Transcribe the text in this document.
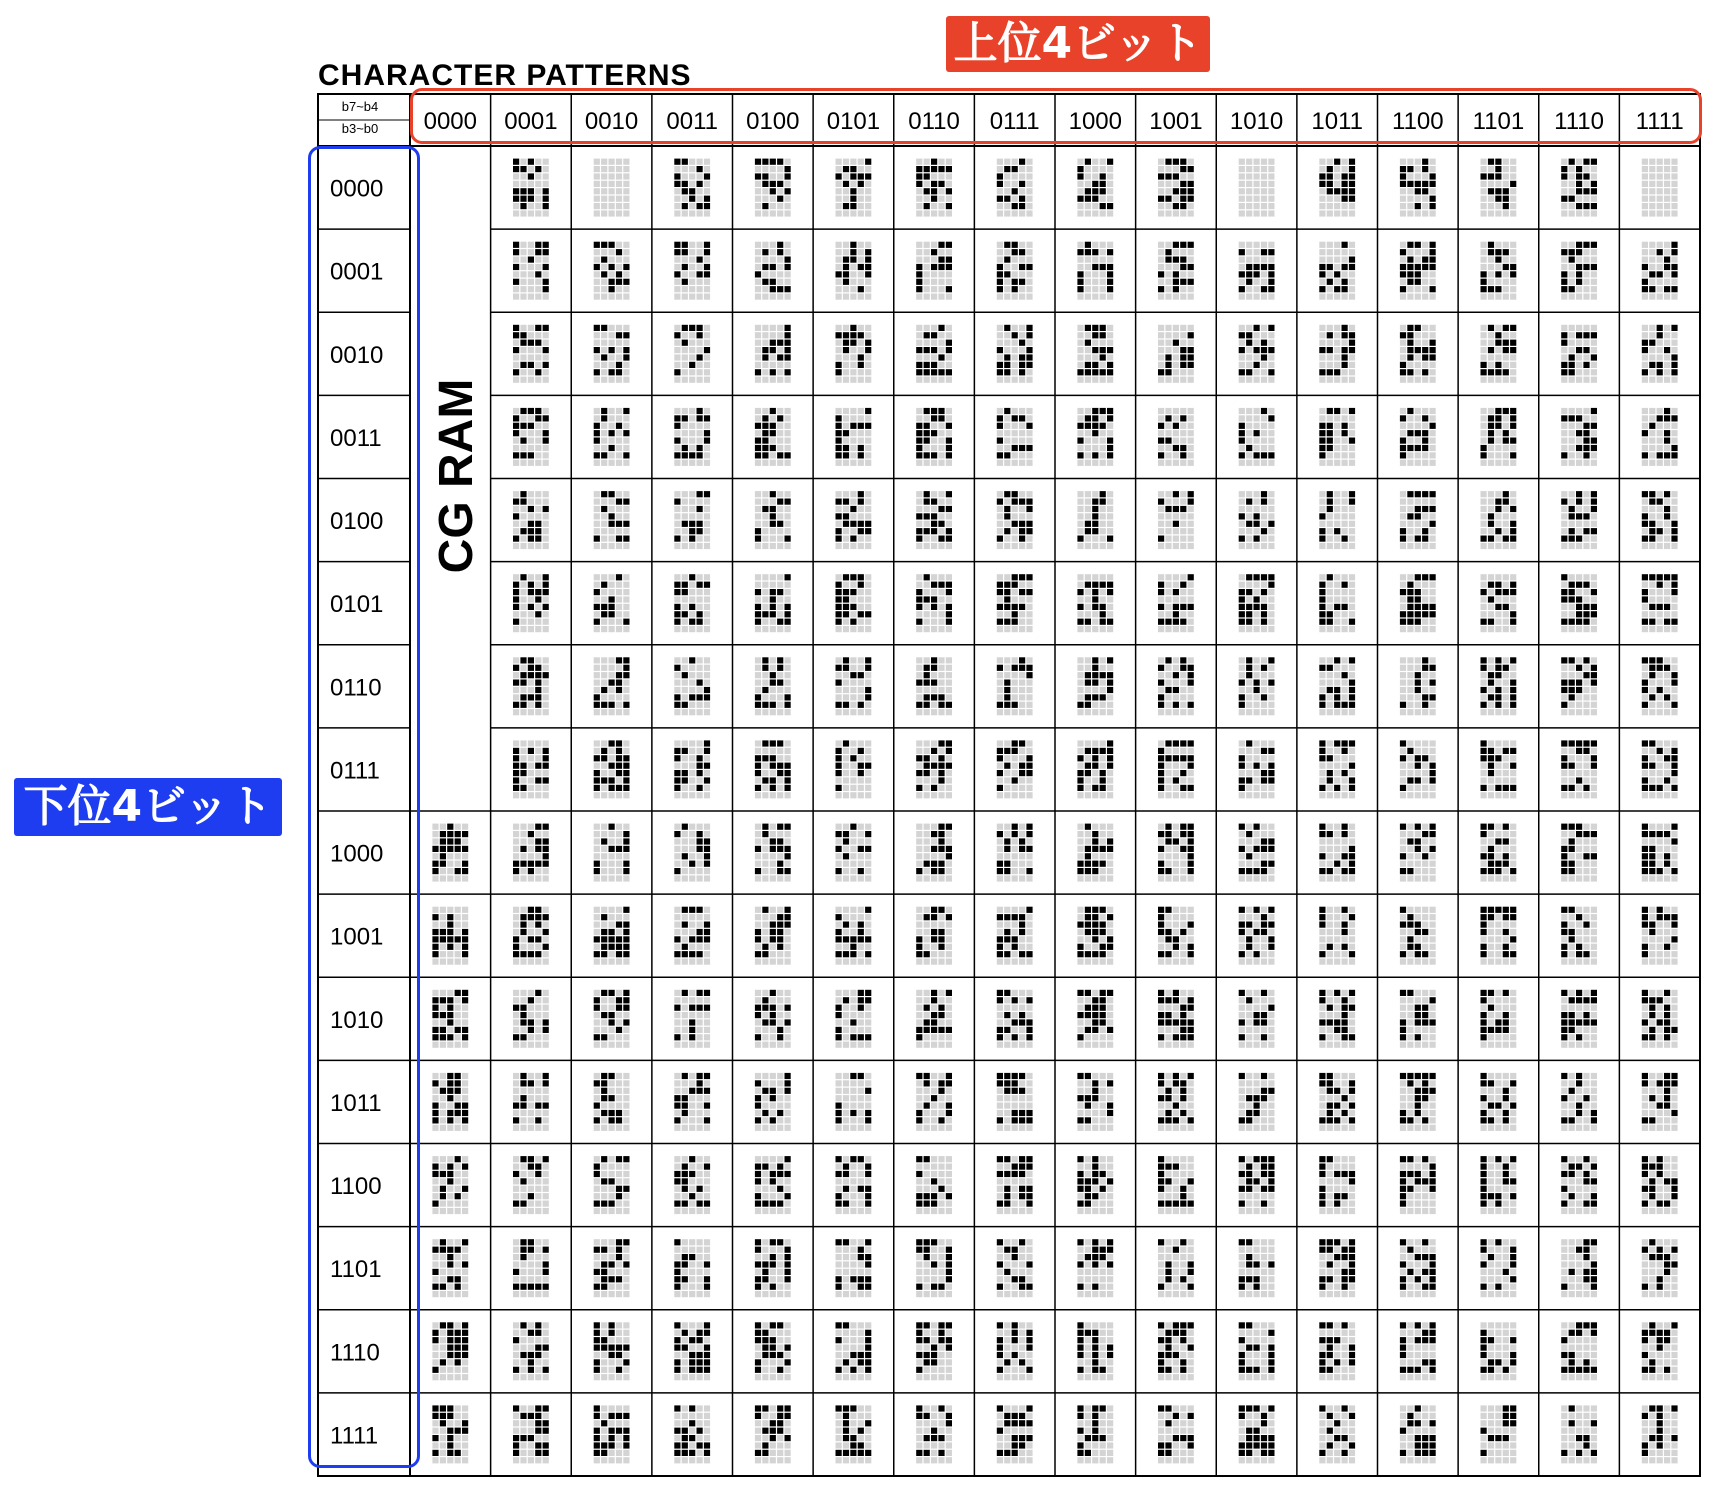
CHARACTER PATTERNS
上位4ビット
下位4ビット
0000 0001 0010 0011 0100 0101 0110 0111 1000 1001 1010 1011 1100 1101 1110 1111
0000
0001
0010
0011
0100
0101
0110
0111
1000
1001
1010
1011
1100
1101
1110
1111
b7~b4
b3~b0
CG RAM
